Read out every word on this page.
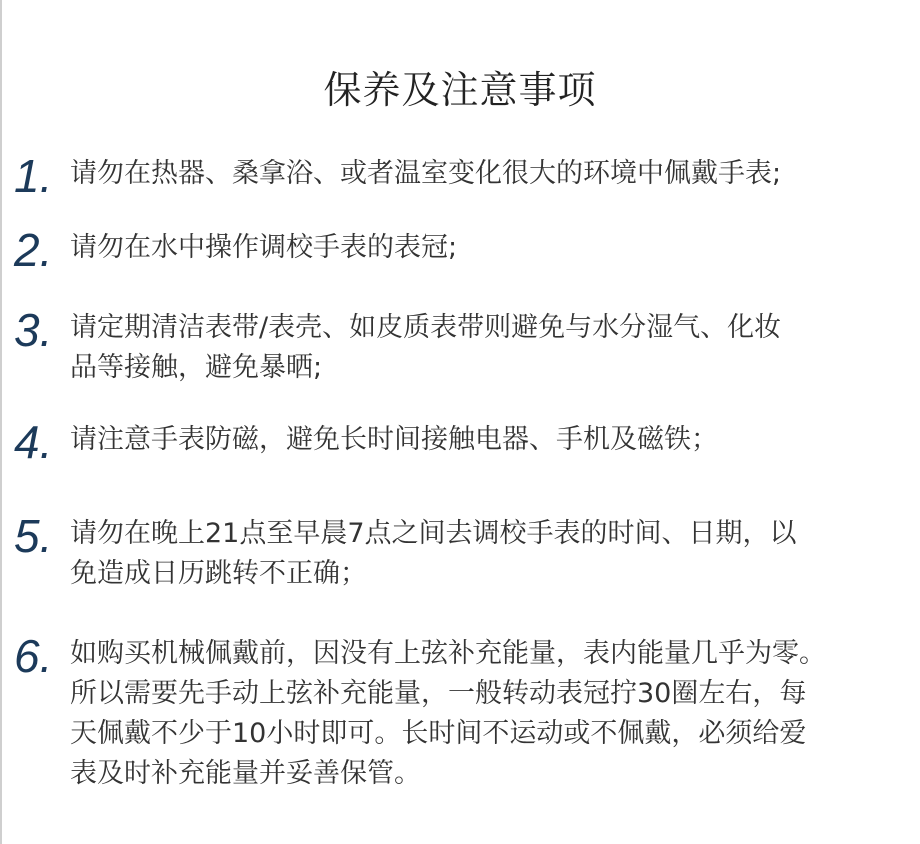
保养及注意事项
1. 请勿在热器、桑拿浴、或者温室变化很大的环境中佩戴手表;
2. 请勿在水中操作调校手表的表冠;
3. 请定期清洁表带/表壳、如皮质表带则避免与水分湿气、化妆
品等接触，避免暴晒;
4. 请注意手表防磁，避免长时间接触电器、手机及磁铁；
5. 请勿在晚上21点至早晨7点之间去调校手表的时间、日期，以
免造成日历跳转不正确；
6. 如购买机械佩戴前，因没有上弦补充能量，表内能量几乎为零。
所以需要先手动上弦补充能量，一般转动表冠拧30圈左右，每
天佩戴不少于10小时即可。长时间不运动或不佩戴，必须给爱
表及时补充能量并妥善保管。
